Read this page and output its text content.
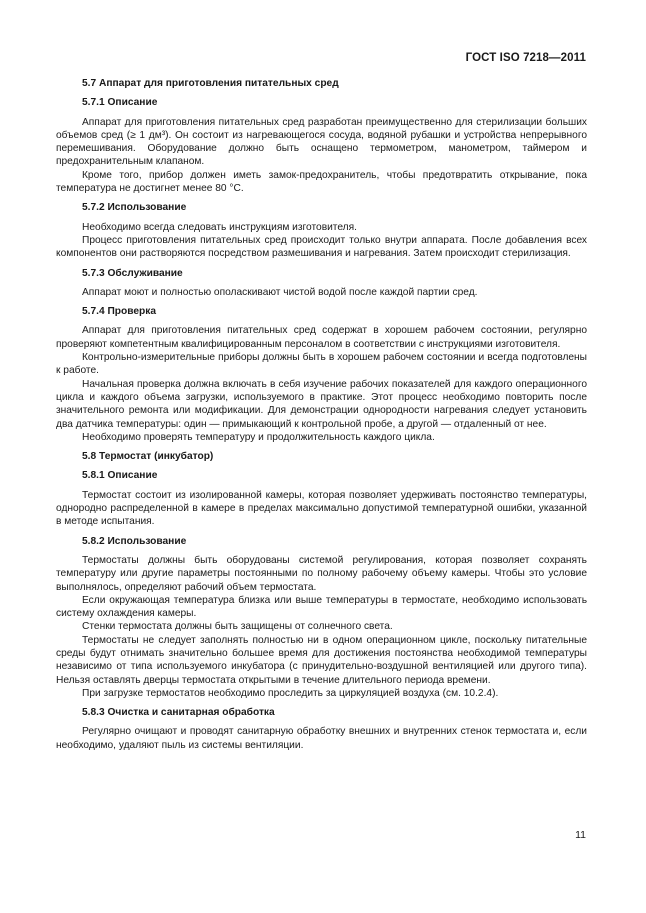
ГОСТ ISO 7218—2011
5.7 Аппарат для приготовления питательных сред
5.7.1 Описание

Аппарат для приготовления питательных сред разработан преимущественно для стерилизации больших объемов сред (≥ 1 дм³). Он состоит из нагревающегося сосуда, водяной рубашки и устройства непрерывного перемешивания. Оборудование должно быть оснащено термометром, манометром, таймером и предохранительным клапаном.

Кроме того, прибор должен иметь замок-предохранитель, чтобы предотвратить открывание, пока температура не достигнет менее 80 °С.

5.7.2 Использование

Необходимо всегда следовать инструкциям изготовителя.

Процесс приготовления питательных сред происходит только внутри аппарата. После добавления всех компонентов они растворяются посредством размешивания и нагревания. Затем происходит стерилизация.

5.7.3 Обслуживание

Аппарат моют и полностью ополаскивают чистой водой после каждой партии сред.

5.7.4 Проверка

Аппарат для приготовления питательных сред содержат в хорошем рабочем состоянии, регулярно проверяют компетентным квалифицированным персоналом в соответствии с инструкциями изготовителя.

Контрольно-измерительные приборы должны быть в хорошем рабочем состоянии и всегда подготовлены к работе.

Начальная проверка должна включать в себя изучение рабочих показателей для каждого операционного цикла и каждого объема загрузки, используемого в практике. Этот процесс необходимо повторить после значительного ремонта или модификации. Для демонстрации однородности нагревания следует установить два датчика температуры: один — примыкающий к контрольной пробе, а другой — отдаленный от нее.

Необходимо проверять температуру и продолжительность каждого цикла.

5.8 Термостат (инкубатор)
5.8.1 Описание

Термостат состоит из изолированной камеры, которая позволяет удерживать постоянство температуры, однородно распределенной в камере в пределах максимально допустимой температурной ошибки, указанной в методе испытания.

5.8.2 Использование

Термостаты должны быть оборудованы системой регулирования, которая позволяет сохранять температуру или другие параметры постоянными по полному рабочему объему камеры. Чтобы это условие выполнялось, определяют рабочий объем термостата.

Если окружающая температура близка или выше температуры в термостате, необходимо использовать систему охлаждения камеры.

Стенки термостата должны быть защищены от солнечного света.

Термостаты не следует заполнять полностью ни в одном операционном цикле, поскольку питательные среды будут отнимать значительно большее время для достижения постоянства необходимой температуры независимо от типа используемого инкубатора (с принудительно-воздушной вентиляцией или другого типа). Нельзя оставлять дверцы термостата открытыми в течение длительного периода времени.

При загрузке термостатов необходимо проследить за циркуляцией воздуха (см. 10.2.4).

5.8.3 Очистка и санитарная обработка

Регулярно очищают и проводят санитарную обработку внешних и внутренних стенок термостата и, если необходимо, удаляют пыль из системы вентиляции.

11
